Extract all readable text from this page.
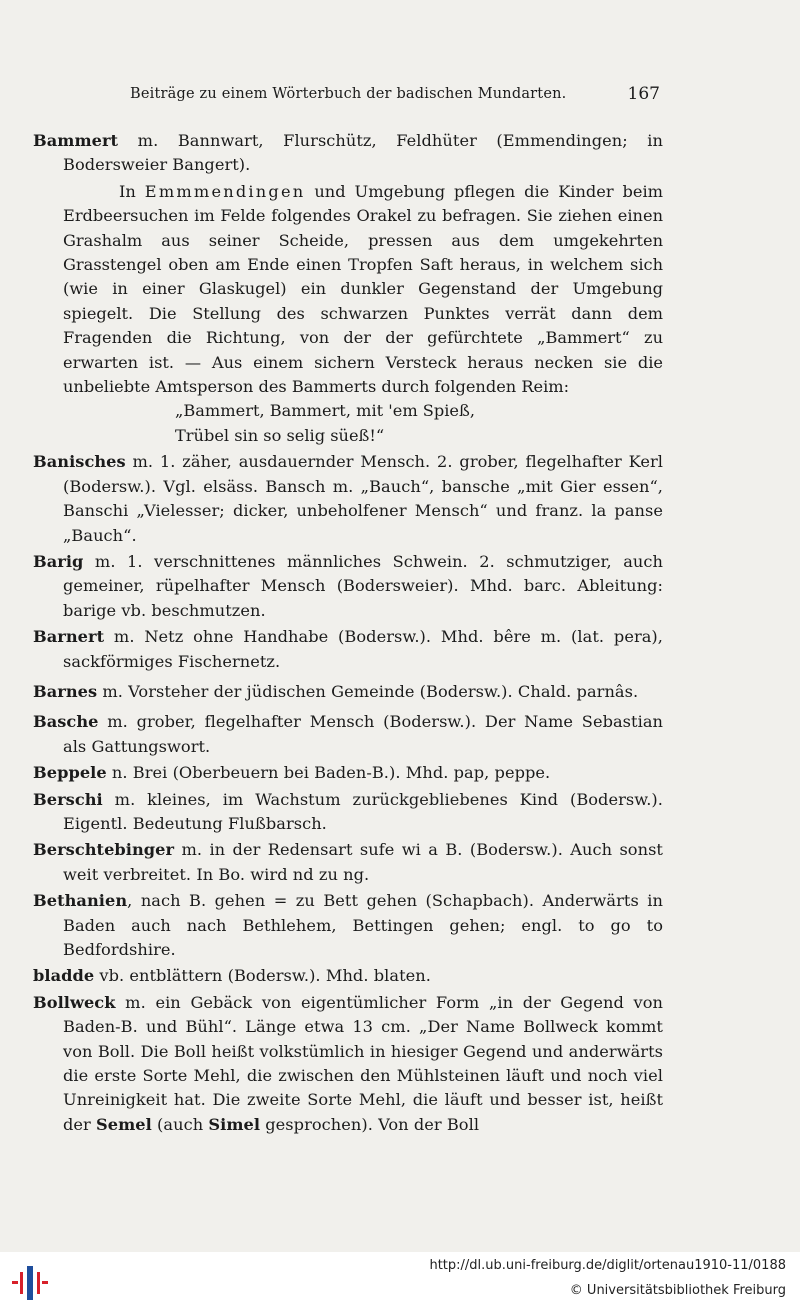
Beiträge zu einem Wörterbuch der badischen Mundarten.	167

Bammert m. Bannwart, Flurschütz, Feldhüter (Emmendingen; in Bodersweier Bangert).

In Emmmendingen und Umgebung pflegen die Kinder beim Erdbeersuchen im Felde folgendes Orakel zu befragen. Sie ziehen einen Grashalm aus seiner Scheide, pressen aus dem umgekehrten Grasstengel oben am Ende einen Tropfen Saft heraus, in welchem sich (wie in einer Glaskugel) ein dunkler Gegenstand der Umgebung spiegelt. Die Stellung des schwarzen Punktes verrät dann dem Fragenden die Richtung, von der der gefürchtete „Bammert“ zu erwarten ist. — Aus einem sichern Versteck heraus necken sie die unbeliebte Amtsperson des Bammerts durch folgenden Reim:

„Bammert, Bammert, mit 'em Spieß,

Trübel sin so selig süeß!“

Banisches m. 1. zäher, ausdauernder Mensch. 2. grober, flegelhafter Kerl (Bodersw.). Vgl. elsäss. Bansch m. „Bauch“, bansche „mit Gier essen“, Banschi „Vielesser; dicker, unbeholfener Mensch“ und franz. la panse „Bauch“.

Barig m. 1. verschnittenes männliches Schwein. 2. schmutziger, auch gemeiner, rüpelhafter Mensch (Bodersweier). Mhd. barc. Ableitung: barige vb. beschmutzen.

Barnert m. Netz ohne Handhabe (Bodersw.). Mhd. bêre m. (lat. pera), sackförmiges Fischernetz.

Barnes m. Vorsteher der jüdischen Gemeinde (Bodersw.). Chald. parnâs.

Basche m. grober, flegelhafter Mensch (Bodersw.). Der Name Sebastian als Gattungswort.

Beppele n. Brei (Oberbeuern bei Baden-B.). Mhd. pap, peppe.

Berschi m. kleines, im Wachstum zurückgebliebenes Kind (Bodersw.). Eigentl. Bedeutung Flußbarsch.

Berschtebinger m. in der Redensart sufe wi a B. (Bodersw.). Auch sonst weit verbreitet. In Bo. wird nd zu ng.

Bethanien, nach B. gehen = zu Bett gehen (Schapbach). Anderwärts in Baden auch nach Bethlehem, Bettingen gehen; engl. to go to Bedfordshire.

bladde vb. entblättern (Bodersw.). Mhd. blaten.

Bollweck m. ein Gebäck von eigentümlicher Form „in der Gegend von Baden-B. und Bühl“. Länge etwa 13 cm. „Der Name Bollweck kommt von Boll. Die Boll heißt volkstümlich in hiesiger Gegend und anderwärts die erste Sorte Mehl, die zwischen den Mühlsteinen läuft und noch viel Unreinigkeit hat. Die zweite Sorte Mehl, die läuft und besser ist, heißt der Semel (auch Simel gesprochen). Von der Boll

http://dl.ub.uni-freiburg.de/diglit/ortenau1910-11/0188
© Universitätsbibliothek Freiburg
